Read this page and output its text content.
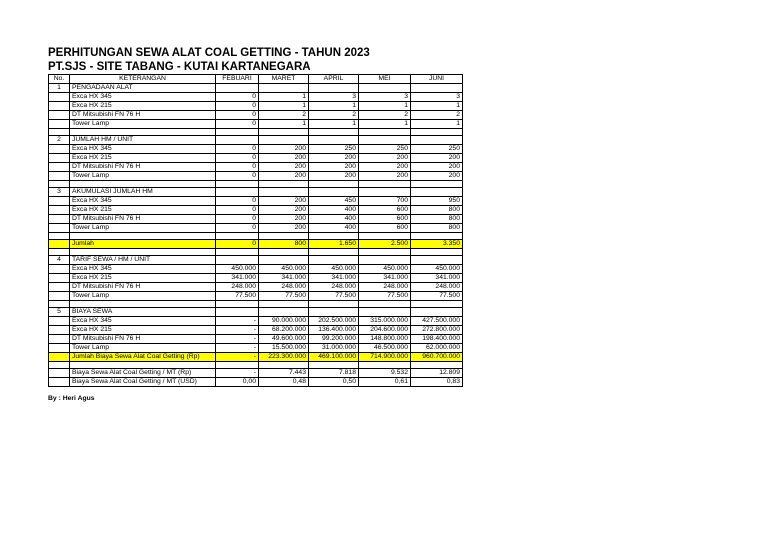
PERHITUNGAN SEWA ALAT COAL GETTING - TAHUN 2023
PT.SJS - SITE TABANG - KUTAI KARTANEGARA
No.	KETERANGAN	FEBUARI	MARET	APRIL	MEI	JUNI
1	PENGADAAN ALAT					
	Exca HX 345	0	1	3	3	3
	Exca HX 215	0	1	1	1	1
	DT Mitsubishi FN 76 H	0	2	2	2	2
	Tower Lamp	0	1	1	1	1

2	JUMLAH HM / UNIT					
	Exca HX 345	0	200	250	250	250
	Exca HX 215	0	200	200	200	200
	DT Mitsubishi FN 76 H	0	200	200	200	200
	Tower Lamp	0	200	200	200	200

3	AKUMULASI JUMLAH HM					
	Exca HX 345	0	200	450	700	950
	Exca HX 215	0	200	400	600	800
	DT Mitsubishi FN 76 H	0	200	400	600	800
	Tower Lamp	0	200	400	600	800

	Jumlah	0	800	1.650	2.500	3.350

4	TARIF SEWA / HM / UNIT					
	Exca HX 345	450.000	450.000	450.000	450.000	450.000
	Exca HX 215	341.000	341.000	341.000	341.000	341.000
	DT Mitsubishi FN 76 H	248.000	248.000	248.000	248.000	248.000
	Tower Lamp	77.500	77.500	77.500	77.500	77.500

5	BIAYA SEWA					
	Exca HX 345	-	90.000.000	202.500.000	315.000.000	427.500.000
	Exca HX 215	-	68.200.000	136.400.000	204.600.000	272.800.000
	DT Mitsubishi FN 76 H	-	49.600.000	99.200.000	148.800.000	198.400.000
	Tower Lamp	-	15.500.000	31.000.000	46.500.000	62.000.000
	Jumlah Biaya Sewa Alat Coal Getting (Rp)	-	223.300.000	469.100.000	714.900.000	960.700.000

	Biaya Sewa Alat Coal Getting / MT (Rp)	-	7.443	7.818	9.532	12.809
	Biaya Sewa Alat Coal Getting / MT (USD)	0,00	0,48	0,50	0,61	0,83
By : Heri Agus
